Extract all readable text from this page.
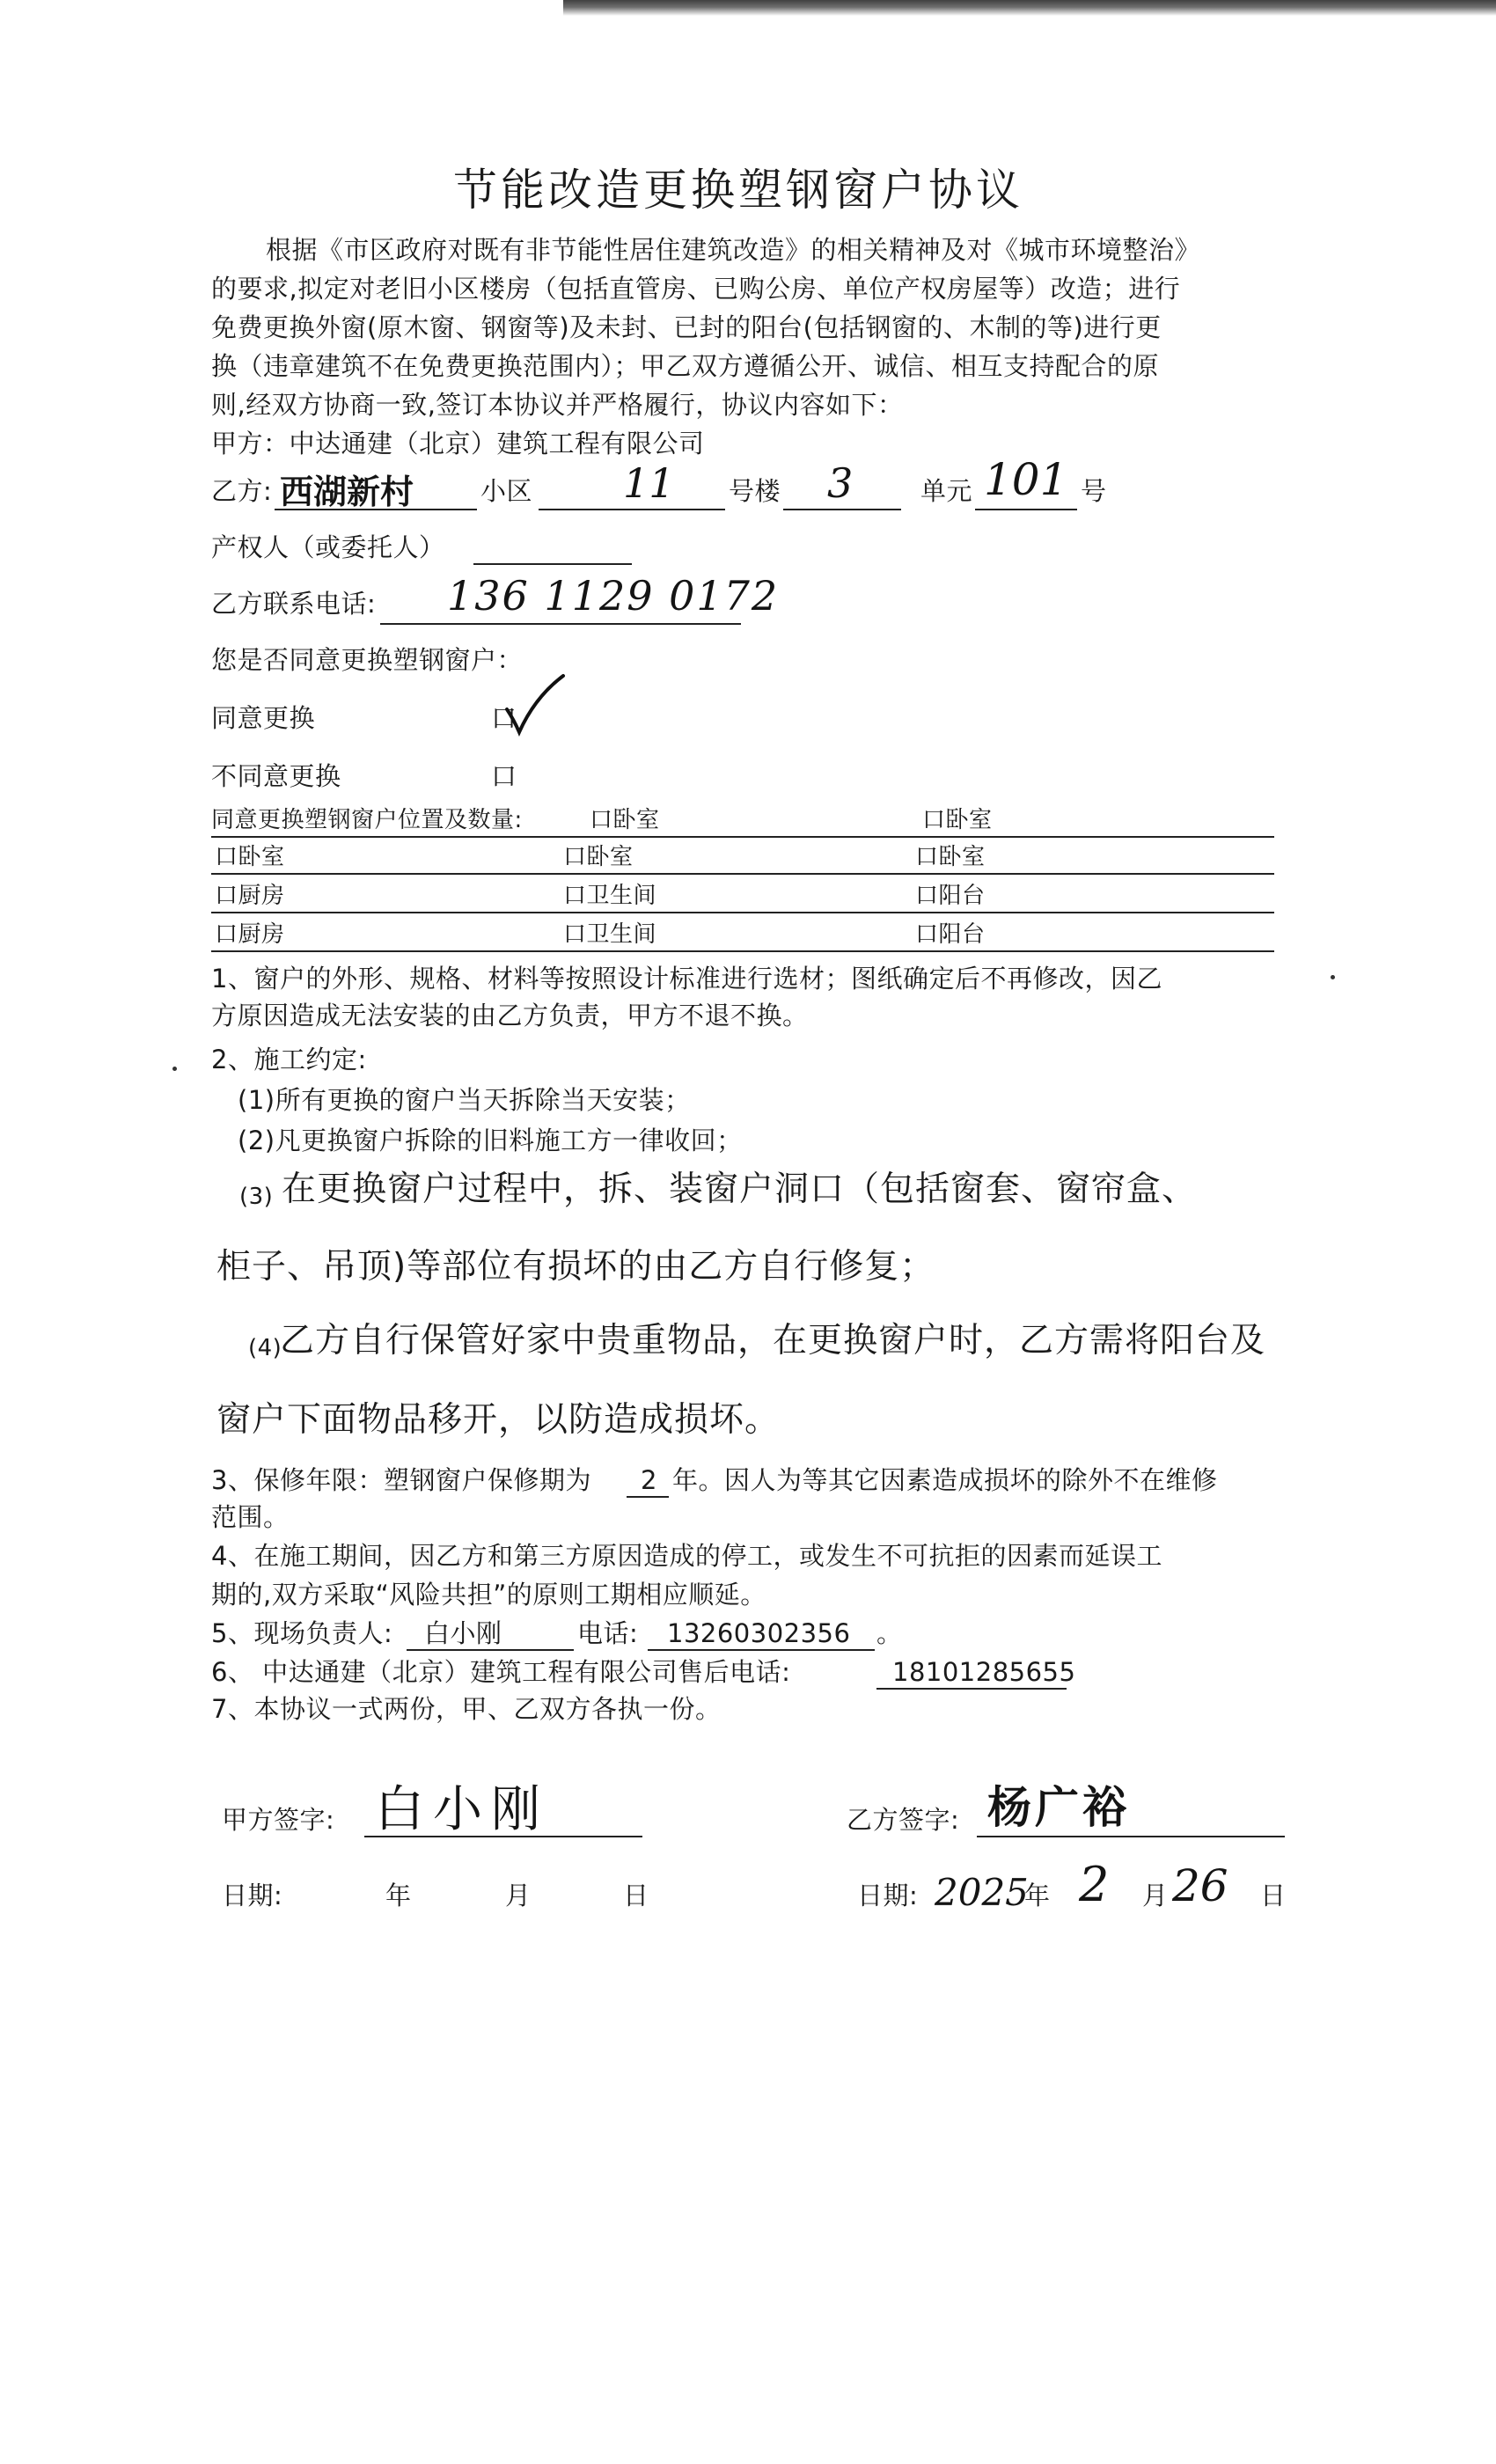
节能改造更换塑钢窗户协议
根据《市区政府对既有非节能性居住建筑改造》的相关精神及对《城市环境整治》
的要求,拟定对老旧小区楼房（包括直管房、已购公房、单位产权房屋等）改造；进行
免费更换外窗(原木窗、钢窗等)及未封、已封的阳台(包括钢窗的、木制的等)进行更
换（违章建筑不在免费更换范围内）；甲乙双方遵循公开、诚信、相互支持配合的原
则,经双方协商一致,签订本协议并严格履行，协议内容如下：
甲方：中达通建（北京）建筑工程有限公司
乙方: 西湖新村	小区 11 号楼 3	单元 101 号
产权人（或委托人）
乙方联系电话: 136 1129 0172
您是否同意更换塑钢窗户：
同意更换	口
不同意更换	口
同意更换塑钢窗户位置及数量:	口卧室	口卧室
口卧室	口卧室	口卧室
口厨房	口卫生间	口阳台
口厨房	口卫生间	口阳台
1、窗户的外形、规格、材料等按照设计标准进行选材；图纸确定后不再修改，因乙
方原因造成无法安装的由乙方负责，甲方不退不换。
2、施工约定:
(1)所有更换的窗户当天拆除当天安装；
(2)凡更换窗户拆除的旧料施工方一律收回；
(3) 在更换窗户过程中，拆、装窗户洞口（包括窗套、窗帘盒、
柜子、吊顶)等部位有损坏的由乙方自行修复；
(4)
乙方自行保管好家中贵重物品，在更换窗户时，乙方需将阳台及
窗户下面物品移开，以防造成损坏。
3、保修年限：塑钢窗户保修期为 2 年。因人为等其它因素造成损坏的除外不在维修
范围。
4、在施工期间，因乙方和第三方原因造成的停工，或发生不可抗拒的因素而延误工
期的,双方采取“风险共担”的原则工期相应顺延。
5、现场负责人: 白小刚	电话: 13260302356 。
6、 中达通建（北京）建筑工程有限公司售后电话:	18101285655
7、本协议一式两份，甲、乙双方各执一份。
甲方签字: 白小刚	乙方签字: 杨广裕
日期:	年	月	日	日期: 2025
年 2 月 26 日
